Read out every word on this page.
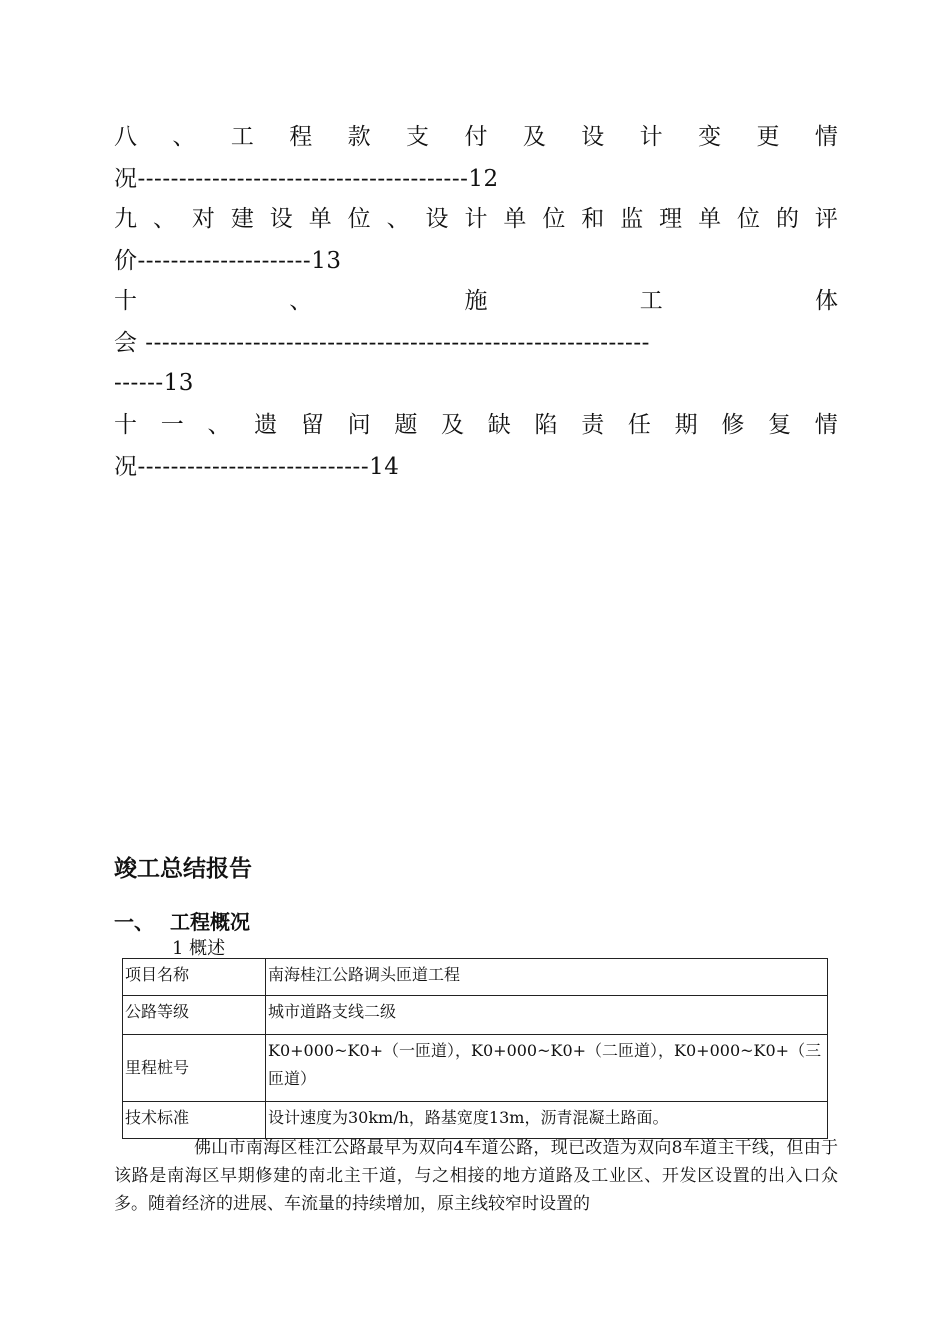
八 、 工 程 款 支 付 及 设 计 变 更 情
况----------------------------------------12
九 、 对 建 设 单 位 、 设 计 单 位 和 监 理 单 位 的 评
价---------------------13
十	、	施	工	体
会 -------------------------------------------------------------
------13
十 一 、 遗 留 问 题 及 缺 陷 责 任 期 修 复 情
况----------------------------14
竣工总结报告
一、 工程概况
1 概述
项目名称	南海桂江公路调头匝道工程
公路等级	城市道路支线二级
里程桩号	K0+000~K0+（一匝道），K0+000~K0+（二匝道），K0+000~K0+（三匝道）
技术标准	设计速度为30km/h，路基宽度13m，沥青混凝土路面。

佛山市南海区桂江公路最早为双向4车道公路，现已改造为双向8车道主干线，但由于该路是南海区早期修建的南北主干道，与之相接的地方道路及工业区、开发区设置的出入口众多。随着经济的进展、车流量的持续增加，原主线较窄时设置的
